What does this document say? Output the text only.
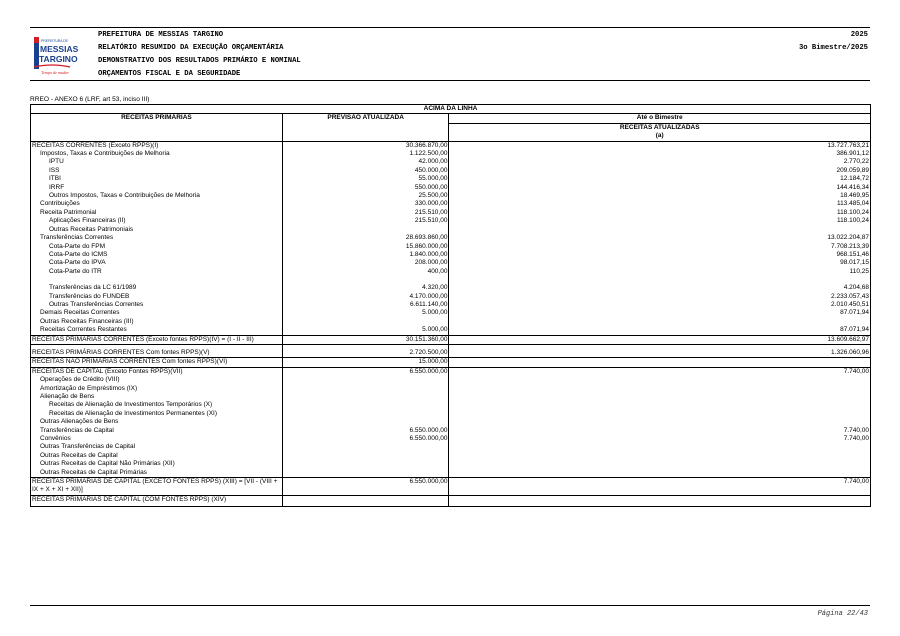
PREFEITURA DE
MESSIAS
TARGINO
Tempo de mudar
PREFEITURA DE MESSIAS TARGINO
RELATÓRIO RESUMIDO DA EXECUÇÃO ORÇAMENTÁRIA
DEMONSTRATIVO DOS RESULTADOS PRIMÁRIO E NOMINAL
ORÇAMENTOS FISCAL E DA SEGURIDADE
2025
3o Bimestre/2025
RREO - ANEXO 6 (LRF, art 53, inciso III)
ACIMA DA LINHA		
RECEITAS PRIMÁRIAS	PREVISÃO ATUALIZADA	Até o Bimestre
		RECEITAS ATUALIZADAS
		(a)
RECEITAS CORRENTES (Exceto RPPS)(I)	30.366.870,00	13.727.763,21
Impostos, Taxas e Contribuições de Melhoria	1.122.500,00	386.901,12
IPTU	42.000,00	2.770,22
ISS	450.000,00	209.059,89
ITBI	55.000,00	12.184,72
IRRF	550.000,00	144.416,34
Outros Impostos, Taxas e Contribuições de Melhoria	25.500,00	18.469,95
Contribuições	330.000,00	113.485,04
Receita Patrimonial	215.510,00	118.100,24
Aplicações Financeiras (II)	215.510,00	118.100,24
Outras Receitas Patrimoniais		
Transferências Correntes	28.693.860,00	13.022.204,87
Cota-Parte do FPM	15.860.000,00	7.708.213,39
Cota-Parte do ICMS	1.840.000,00	968.151,46
Cota-Parte do IPVA	208.000,00	98.017,15
Cota-Parte do ITR	400,00	110,25

Transferências da LC 61/1989	4.320,00	4.204,68
Transferências do FUNDEB	4.170.000,00	2.233.057,43
Outras Transferências Correntes	6.611.140,00	2.010.450,51
Demais Receitas Correntes	5.000,00	87.071,94
Outras Receitas Financeiras (III)		
Receitas Correntes Restantes	5.000,00	87.071,94
RECEITAS PRIMÁRIAS CORRENTES (Exceto fontes RPPS)(IV) = (I - II - III)	30.151.360,00	13.609.662,97
RECEITAS PRIMÁRIAS CORRENTES Com fontes RPPS)(V)	2.720.500,00	1.326.060,96
RECEITAS NÃO PRIMÁRIAS CORRENTES Com fontes RPPS)(VI)	15.000,00	
RECEITAS DE CAPITAL (Exceto Fontes RPPS)(VII)	6.550.000,00	7.740,00
Operações de Crédito (VIII)		
Amortização de Empréstimos (IX)		
Alienação de Bens		
Receitas de Alienação de Investimentos Temporários (X)		
Receitas de Alienação de Investimentos Permanentes (XI)		
Outras Alienações de Bens		
Transferências de Capital	6.550.000,00	7.740,00
Convênios	6.550.000,00	7.740,00
Outras Transferências de Capital		
Outras Receitas de Capital		
Outras Receitas de Capital Não Primárias (XII)		
Outras Receitas de Capital Primárias		
RECEITAS PRIMÁRIAS DE CAPITAL (EXCETO FONTES RPPS) (XIII) = [VII - (VIII + IX + X + XI + XII)]	6.550.000,00	7.740,00
RECEITAS PRIMÁRIAS DE CAPITAL (COM FONTES RPPS) (XIV)		
Página 22/43
